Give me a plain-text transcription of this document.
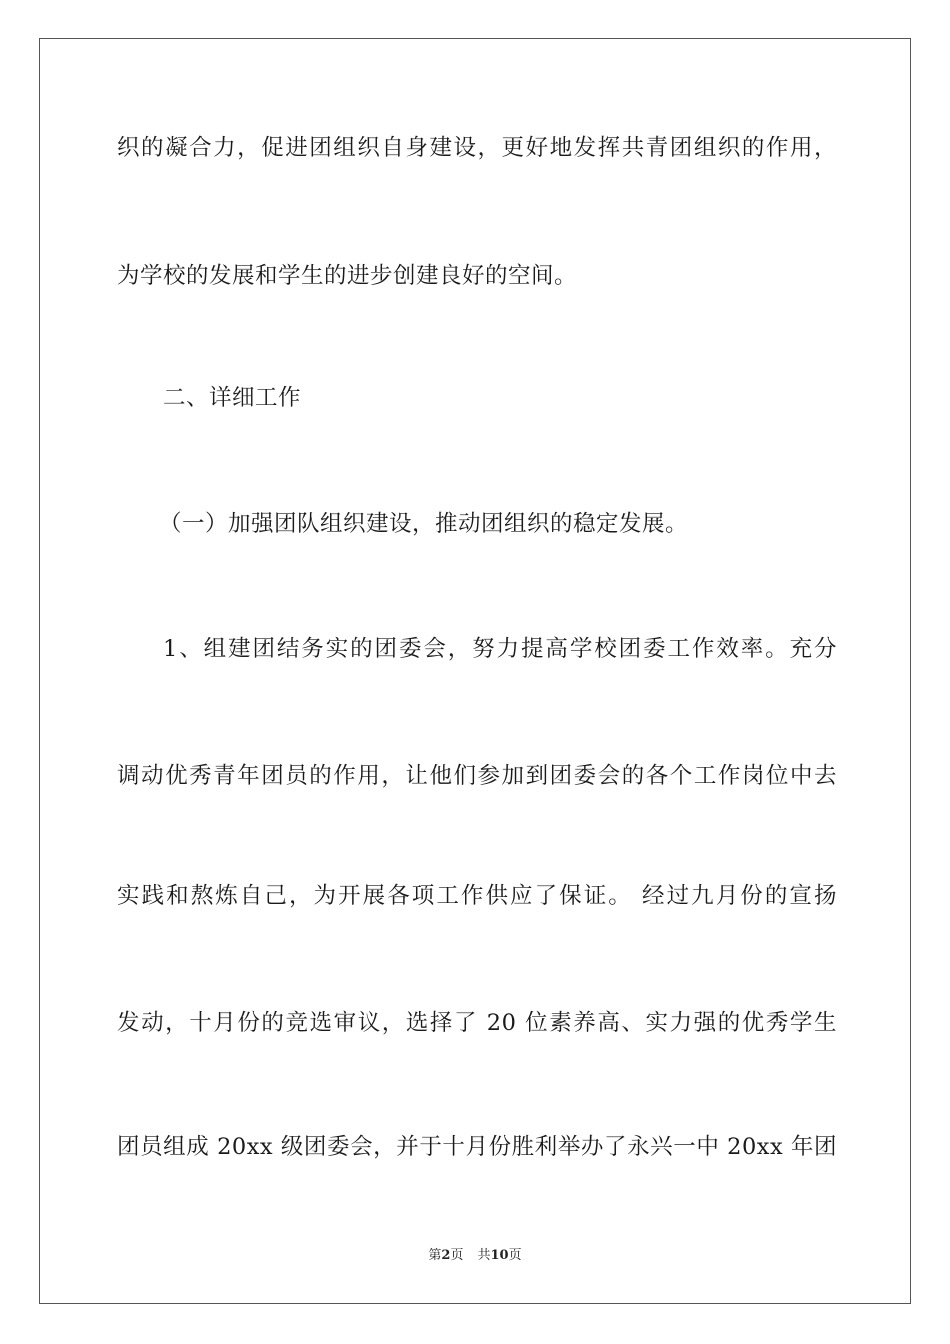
织的凝合力，促进团组织自身建设，更好地发挥共青团组织的作用，
为学校的发展和学生的进步创建良好的空间。
二、详细工作
（一）加强团队组织建设，推动团组织的稳定发展。
1、组建团结务实的团委会，努力提高学校团委工作效率。充分
调动优秀青年团员的作用，让他们参加到团委会的各个工作岗位中去
实践和熬炼自己，为开展各项工作供应了保证。 经过九月份的宣扬
发动，十月份的竞选审议，选择了 20 位素养高、实力强的优秀学生
团员组成 20xx 级团委会，并于十月份胜利举办了永兴一中 20xx 年团
第2页 共10页
